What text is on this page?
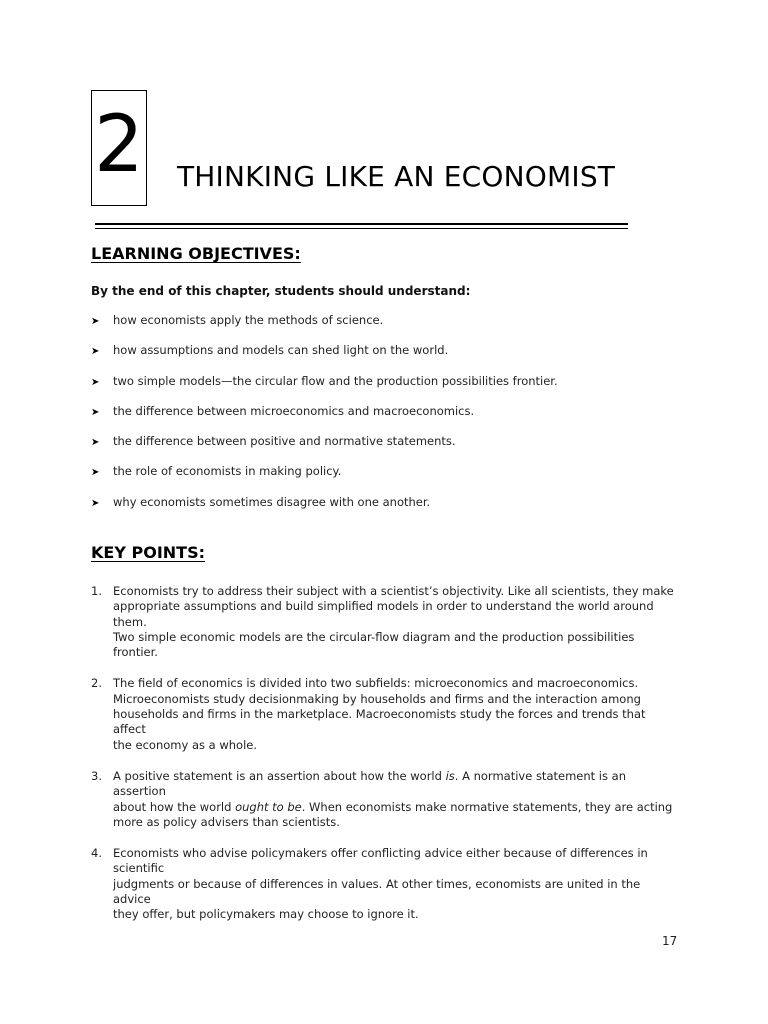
2 THINKING LIKE AN ECONOMIST
LEARNING OBJECTIVES:
By the end of this chapter, students should understand:
➤	how economists apply the methods of science.
➤	how assumptions and models can shed light on the world.
➤	two simple models—the circular flow and the production possibilities frontier.
➤	the difference between microeconomics and macroeconomics.
➤	the difference between positive and normative statements.
➤	the role of economists in making policy.
➤	why economists sometimes disagree with one another.
KEY POINTS:
1. Economists try to address their subject with a scientist’s objectivity. Like all scientists, they make
appropriate assumptions and build simplified models in order to understand the world around them.
Two simple economic models are the circular-flow diagram and the production possibilities frontier.
2. The field of economics is divided into two subfields: microeconomics and macroeconomics.
Microeconomists study decisionmaking by households and firms and the interaction among
households and firms in the marketplace. Macroeconomists study the forces and trends that affect
the economy as a whole.
3. A positive statement is an assertion about how the world is. A normative statement is an assertion
about how the world ought to be. When economists make normative statements, they are acting
more as policy advisers than scientists.
4. Economists who advise policymakers offer conflicting advice either because of differences in scientific
judgments or because of differences in values. At other times, economists are united in the advice
they offer, but policymakers may choose to ignore it.
17
